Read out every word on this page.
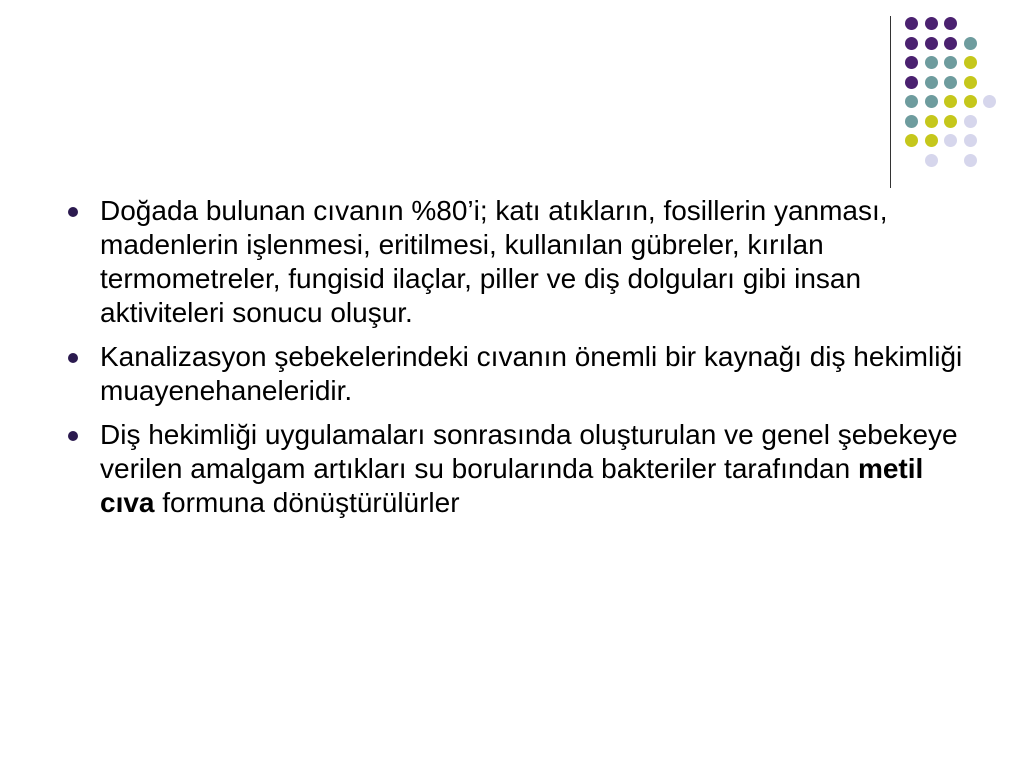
Doğada bulunan cıvanın %80’i; katı atıkların, fosillerin yanması, madenlerin işlenmesi, eritilmesi, kullanılan gübreler, kırılan termometreler, fungisid ilaçlar, piller ve diş dolguları gibi insan aktiviteleri sonucu oluşur.
Kanalizasyon şebekelerindeki cıvanın önemli bir kaynağı diş hekimliği muayenehaneleridir.
Diş hekimliği uygulamaları sonrasında oluşturulan ve genel şebekeye verilen amalgam artıkları su borularında bakteriler tarafından metil cıva formuna dönüştürülürler
